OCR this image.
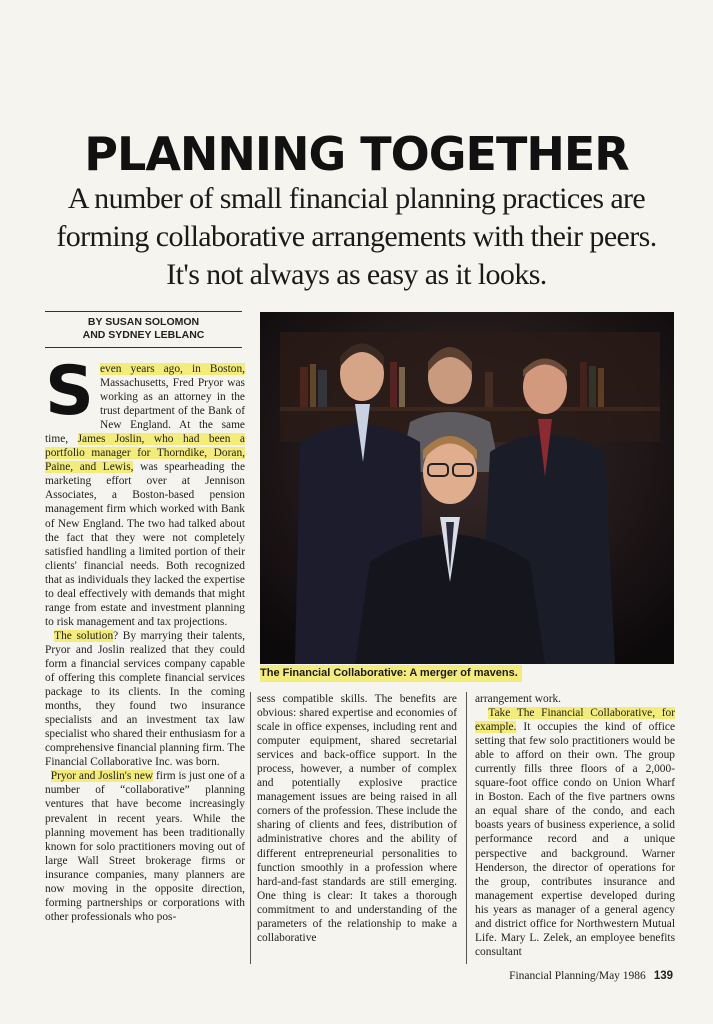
PLANNING TOGETHER
A number of small financial planning practices are forming collaborative arrangements with their peers. It's not always as easy as it looks.
BY SUSAN SOLOMON
AND SYDNEY LEBLANC

Seven years ago, in Boston, Massachusetts, Fred Pryor was working as an attorney in the trust department of the Bank of New England. At the same time, James Joslin, who had been a portfolio manager for Thorndike, Doran, Paine, and Lewis, was spearheading the marketing effort over at Jennison Associates, a Boston-based pension management firm which worked with Bank of New England. The two had talked about the fact that they were not completely satisfied handling a limited portion of their clients' financial needs. Both recognized that as individuals they lacked the expertise to deal effectively with demands that might range from estate and investment planning to risk management and tax projections.

The solution? By marrying their talents, Pryor and Joslin realized that they could form a financial services company capable of offering this complete financial services package to its clients. In the coming months, they found two insurance specialists and an investment tax law specialist who shared their enthusiasm for a comprehensive financial planning firm. The Financial Collaborative Inc. was born.

Pryor and Joslin's new firm is just one of a number of “collaborative” planning ventures that have become increasingly prevalent in recent years. While the planning movement has been traditionally known for solo practitioners moving out of large Wall Street brokerage firms or insurance companies, many planners are now moving in the opposite direction, forming partnerships or corporations with other professionals who pos-

The Financial Collaborative: A merger of mavens.

sess compatible skills. The benefits are obvious: shared expertise and economies of scale in office expenses, including rent and computer equipment, shared secretarial services and back-office support. In the process, however, a number of complex and potentially explosive practice management issues are being raised in all corners of the profession. These include the sharing of clients and fees, distribution of administrative chores and the ability of different entrepreneurial personalities to function smoothly in a profession where hard-and-fast standards are still emerging. One thing is clear: It takes a thorough commitment to and understanding of the parameters of the relationship to make a collaborative

arrangement work.

Take The Financial Collaborative, for example. It occupies the kind of office setting that few solo practitioners would be able to afford on their own. The group currently fills three floors of a 2,000-square-foot office condo on Union Wharf in Boston. Each of the five partners owns an equal share of the condo, and each boasts years of business experience, a solid performance record and a unique perspective and background. Warner Henderson, the director of operations for the group, contributes insurance and management expertise developed during his years as manager of a general agency and district office for Northwestern Mutual Life. Mary L. Zelek, an employee benefits consultant

Financial Planning/May 1986 139
